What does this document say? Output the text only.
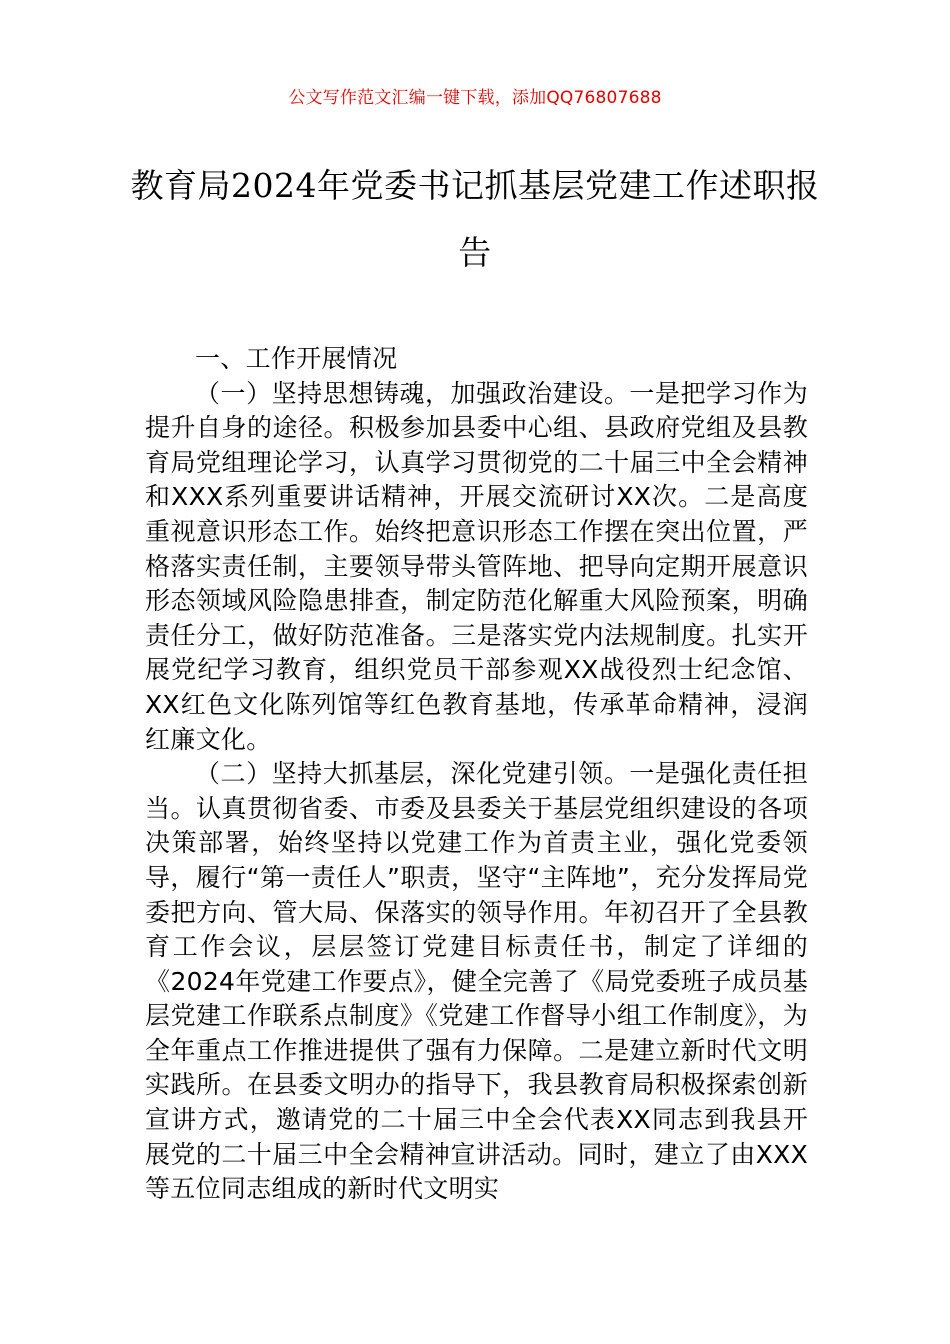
公文写作范文汇编一键下载，添加QQ76807688
教育局2024年党委书记抓基层党建工作述职报告

一、工作开展情况

（一）坚持思想铸魂，加强政治建设。一是把学习作为提升自身的途径。积极参加县委中心组、县政府党组及县教育局党组理论学习，认真学习贯彻党的二十届三中全会精神和XXX系列重要讲话精神，开展交流研讨XX次。二是高度重视意识形态工作。始终把意识形态工作摆在突出位置，严格落实责任制，主要领导带头管阵地、把导向定期开展意识形态领域风险隐患排查，制定防范化解重大风险预案，明确责任分工，做好防范准备。三是落实党内法规制度。扎实开展党纪学习教育，组织党员干部参观XX战役烈士纪念馆、XX红色文化陈列馆等红色教育基地，传承革命精神，浸润红廉文化。

（二）坚持大抓基层，深化党建引领。一是强化责任担当。认真贯彻省委、市委及县委关于基层党组织建设的各项决策部署，始终坚持以党建工作为首责主业，强化党委领导，履行“第一责任人”职责，坚守“主阵地”，充分发挥局党委把方向、管大局、保落实的领导作用。年初召开了全县教育工作会议，层层签订党建目标责任书，制定了详细的《2024年党建工作要点》，健全完善了《局党委班子成员基层党建工作联系点制度》《党建工作督导小组工作制度》，为全年重点工作推进提供了强有力保障。二是建立新时代文明实践所。在县委文明办的指导下，我县教育局积极探索创新宣讲方式，邀请党的二十届三中全会代表XX同志到我县开展党的二十届三中全会精神宣讲活动。同时，建立了由XXX等五位同志组成的新时代文明实
